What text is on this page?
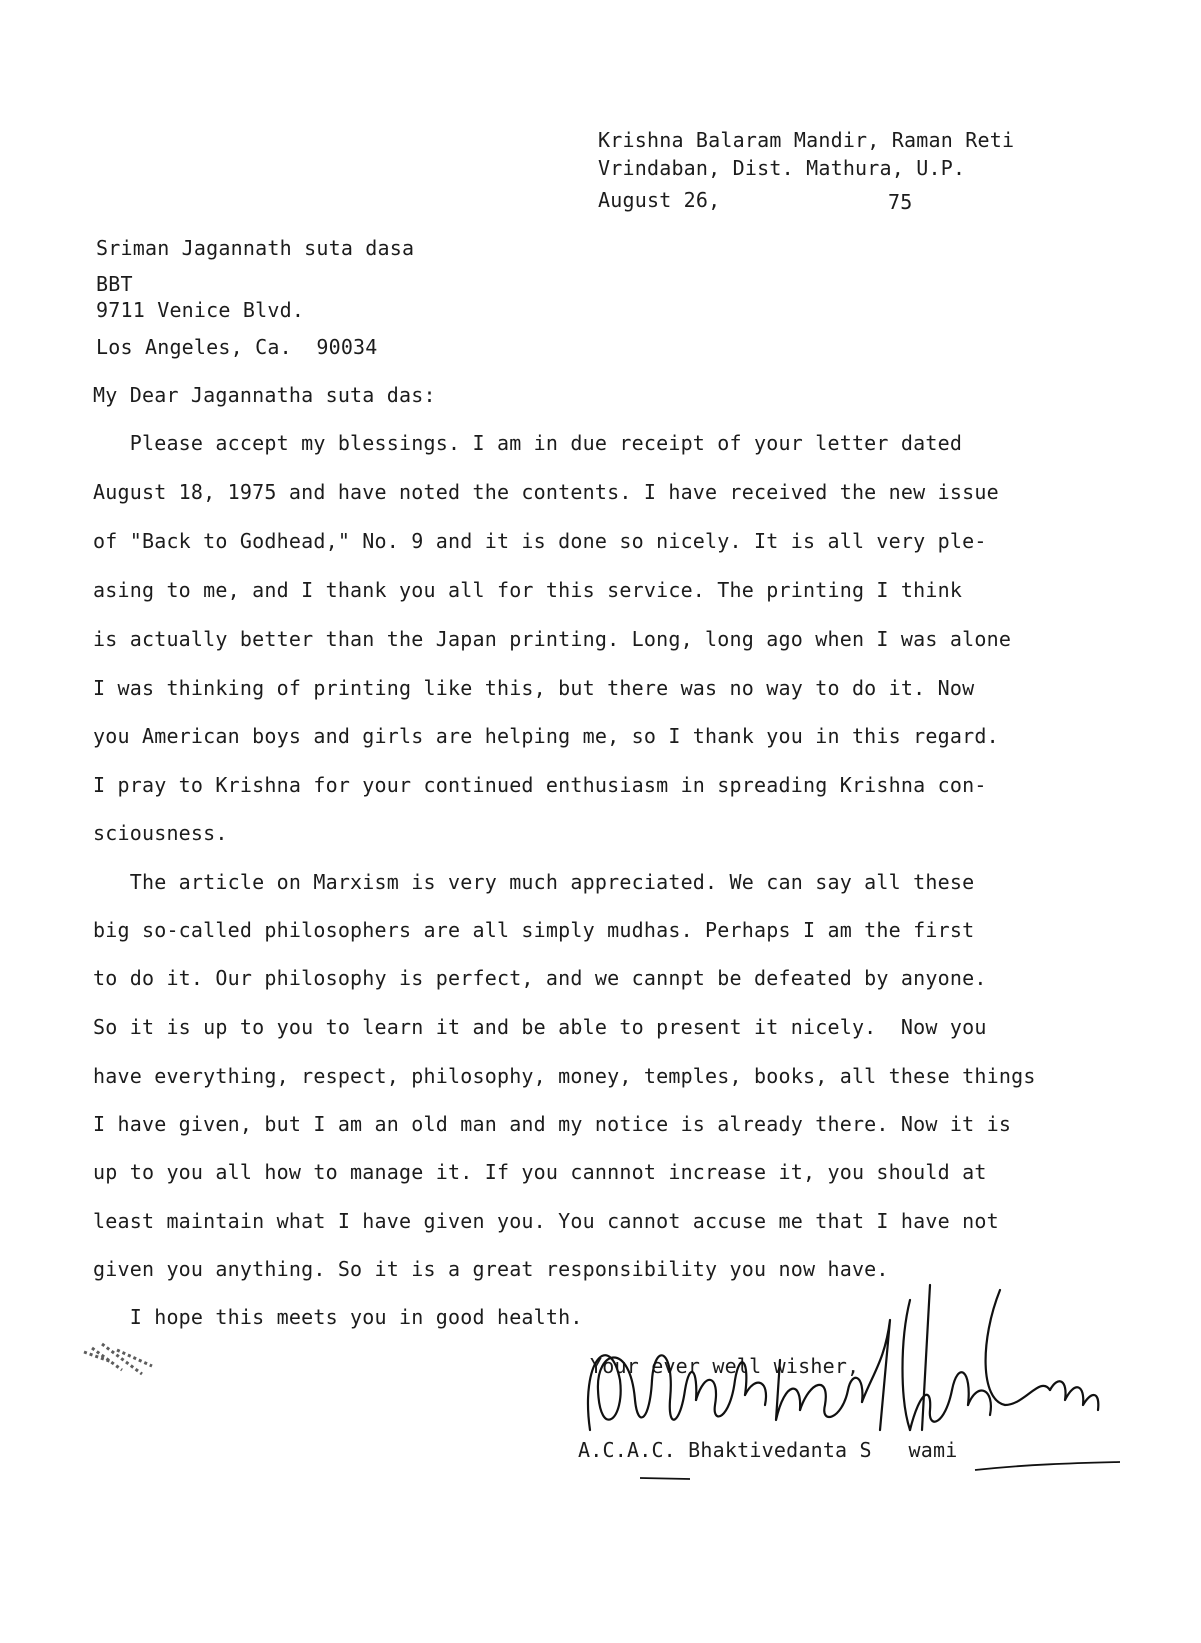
Krishna Balaram Mandir, Raman Reti
Vrindaban, Dist. Mathura, U.P.
August 26,	75
Sriman Jagannath suta dasa
BBT
9711 Venice Blvd.
Los Angeles, Ca.  90034
My Dear Jagannatha suta das:
Please accept my blessings. I am in due receipt of your letter dated
August 18, 1975 and have noted the contents. I have received the new issue
of "Back to Godhead," No. 9 and it is done so nicely. It is all very ple-
asing to me, and I thank you all for this service. The printing I think
is actually better than the Japan printing. Long, long ago when I was alone
I was thinking of printing like this, but there was no way to do it. Now
you American boys and girls are helping me, so I thank you in this regard.
I pray to Krishna for your continued enthusiasm in spreading Krishna con-
sciousness.
The article on Marxism is very much appreciated. We can say all these
big so-called philosophers are all simply mudhas. Perhaps I am the first
to do it. Our philosophy is perfect, and we cannpt be defeated by anyone.
So it is up to you to learn it and be able to present it nicely.  Now you
have everything, respect, philosophy, money, temples, books, all these things
I have given, but I am an old man and my notice is already there. Now it is
up to you all how to manage it. If you cannnot increase it, you should at
least maintain what I have given you. You cannot accuse me that I have not
given you anything. So it is a great responsibility you now have.
I hope this meets you in good health.
Your ever well wisher,
A.C.A.C. Bhaktivedanta S   wami
